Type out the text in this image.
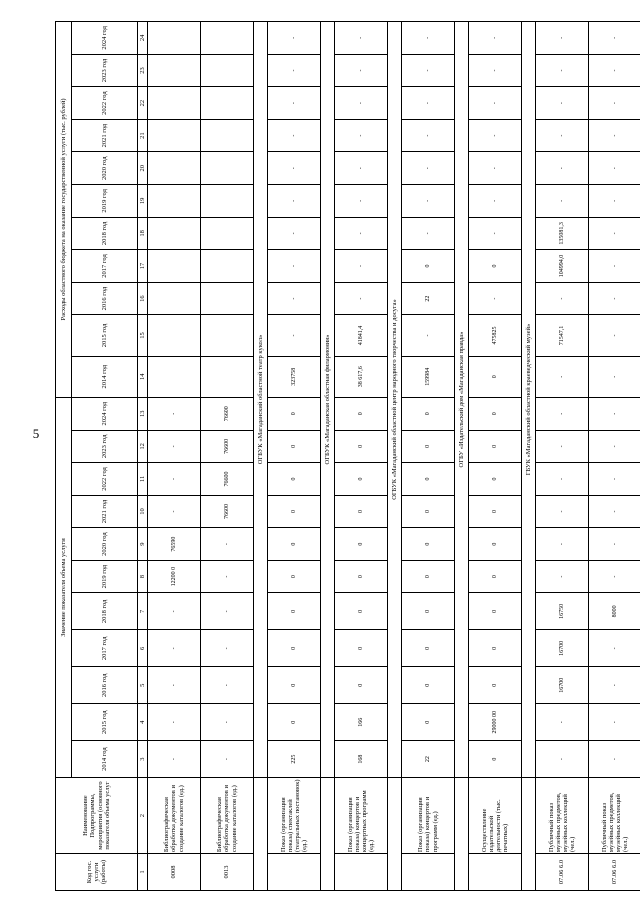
5
Код гос. услуги (работы)	Наименование Подпрограммы, мероприятия (основного показателя объема услуг	Значение показателя объема услуги											Расходы областного бюджета на оказание государственной услуги (тыс. рублей)										
		2014 год	2015 год	2016 год	2017 год	2018 год	2019 год	2020 год	2021 год	2022 год	2023 год	2024 год	2014 год	2015 год	2016 год	2017 год	2018 год	2019 год	2020 год	2021 год	2022 год	2023 год	2024 год
1	2	3	4	5	6	7	8	9	10	11	12	13	14	15	16	17	18	19	20	21	22	23	24
0008	Библиографическая обработка документов и создание каталогов (ед.)	-	-	-	-	-	12200 0	76590	-	-	-	-											
0013	Библиографическая обработка документов и создание каталогов (ед.)	-	-	-	-	-	-	-	76600	76600	76600	76600											
		ОГБУК «Магаданский областной театр кукол»																					
	Показ (организация показа) спектаклей (театральных постановок) (ед.)	225	0	0	0	0	0	0	0	0	0	0	323758	-	-	-	-	-	-	-	-	-	-
		ОГБУК «Магаданская областная филармония»																					
	Показ (организация показа) концертов и концертных программ (ед.)	168	166	0	0	0	0	0	0	0	0	0	38 617,6	41841,4	-	-	-	-	-	-	-	-	-
		ОГБУК «Магаданский областной центр народного творчества и досуга»																					
	Показ (организация показа) концертов и программ (ед.)	22	0	0	0	0	0	0	0	0	0	0	159984	-	22	0	-	-	-	-	-	-	-
		ОГБУ «Издательский дом «Магаданская правда»																					
	Осуществление издательской деятельности (тыс. печатных)	0	29000 00	0	0	0	0	0	0	0	0	0	0	475825	-	0	-	-	-	-	-	-	-
		ГБУК «Магаданский областной краеведческий музей»																					
07.06 6.0	Публичный показ музейных предметов, музейных коллекций (чел.)	-	-	16700	16700	16750	-	-	-	-	-	-	-	71547,1	-	104994,0	135081,3	-	-	-	-	-	-
07.06 6.0	Публичный показ музейных предметов, музейных коллекций (чел.)	-	-	-	-	8000	-	-	-	-	-	-	-	-	-	-	-	-	-	-	-	-	-
